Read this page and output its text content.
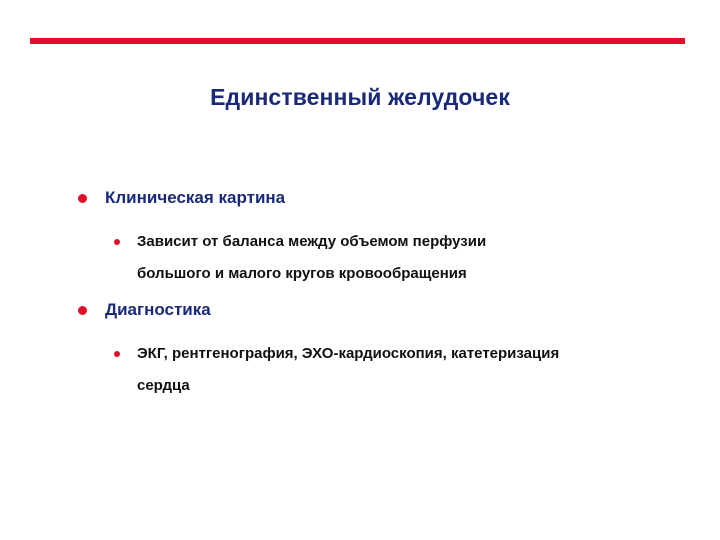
Единственный желудочек
Клиническая картина
Зависит от баланса между объемом перфузии
большого и малого кругов кровообращения
Диагностика
ЭКГ, рентгенография, ЭХО-кардиоскопия, катетеризация
сердца
